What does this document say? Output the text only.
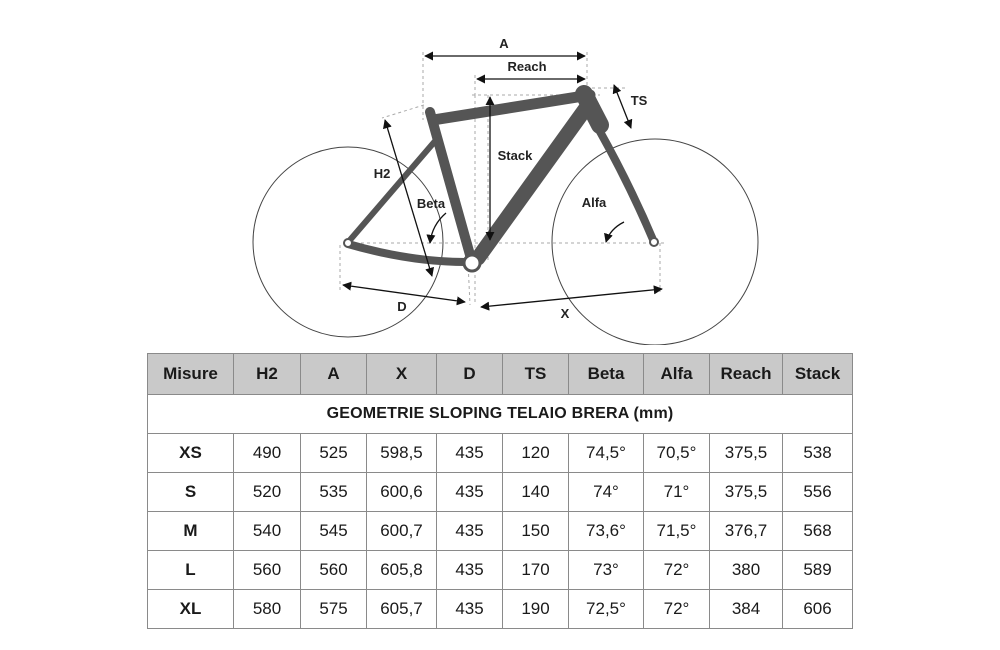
A
Reach
TS
Stack
H2
Beta	Alfa
D	X
Misure	H2	A	X	D	TS	Beta	Alfa	Reach	Stack
GEOMETRIE SLOPING TELAIO BRERA (mm)									
XS	490	525	598,5	435	120	74,5°	70,5°	375,5	538
S	520	535	600,6	435	140	74°	71°	375,5	556
M	540	545	600,7	435	150	73,6°	71,5°	376,7	568
L	560	560	605,8	435	170	73°	72°	380	589
XL	580	575	605,7	435	190	72,5°	72°	384	606
